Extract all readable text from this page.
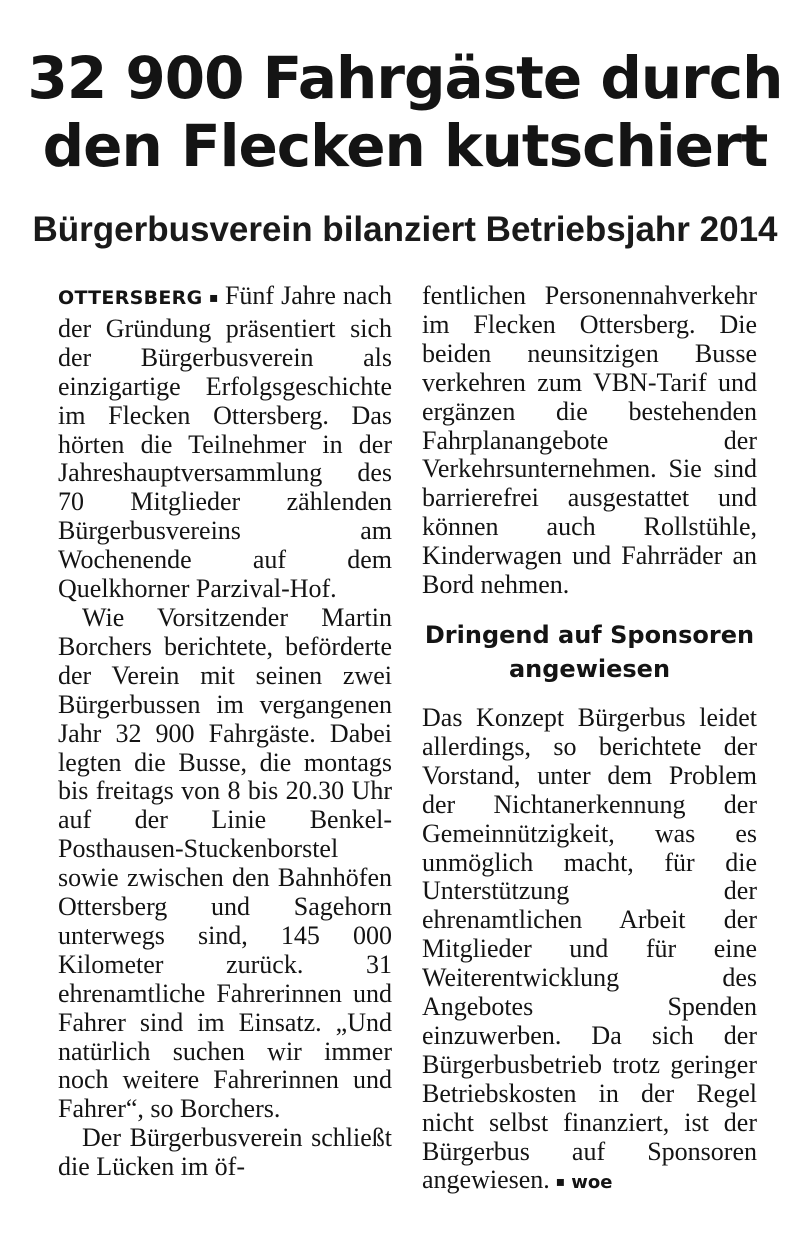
32 900 Fahrgäste durch den Flecken kutschiert
Bürgerbusverein bilanziert Betriebsjahr 2014

OTTERSBERG ▪ Fünf Jahre nach der Gründung präsentiert sich der Bürgerbusverein als einzigartige Erfolgsgeschichte im Flecken Ottersberg. Das hörten die Teilnehmer in der Jahreshauptversammlung des 70 Mitglieder zählenden Bürgerbusvereins am Wochenende auf dem Quelkhorner Parzival-Hof.

Wie Vorsitzender Martin Borchers berichtete, beförderte der Verein mit seinen zwei Bürgerbussen im vergangenen Jahr 32 900 Fahrgäste. Dabei legten die Busse, die montags bis freitags von 8 bis 20.30 Uhr auf der Linie Benkel-Posthausen-Stuckenborstel sowie zwischen den Bahnhöfen Ottersberg und Sagehorn unterwegs sind, 145 000 Kilometer zurück. 31 ehrenamtliche Fahrerinnen und Fahrer sind im Einsatz. „Und natürlich suchen wir immer noch weitere Fahrerinnen und Fahrer“, so Borchers.

Der Bürgerbusverein schließt die Lücken im öf-

fentlichen Personennahverkehr im Flecken Ottersberg. Die beiden neunsitzigen Busse verkehren zum VBN-Tarif und ergänzen die bestehenden Fahrplanangebote der Verkehrsunternehmen. Sie sind barrierefrei ausgestattet und können auch Rollstühle, Kinderwagen und Fahrräder an Bord nehmen.

Dringend auf Sponsoren angewiesen

Das Konzept Bürgerbus leidet allerdings, so berichtete der Vorstand, unter dem Problem der Nichtanerkennung der Gemeinnützigkeit, was es unmöglich macht, für die Unterstützung der ehrenamtlichen Arbeit der Mitglieder und für eine Weiterentwicklung des Angebotes Spenden einzuwerben. Da sich der Bürgerbusbetrieb trotz geringer Betriebskosten in der Regel nicht selbst finanziert, ist der Bürgerbus auf Sponsoren angewiesen. ▪ woe
